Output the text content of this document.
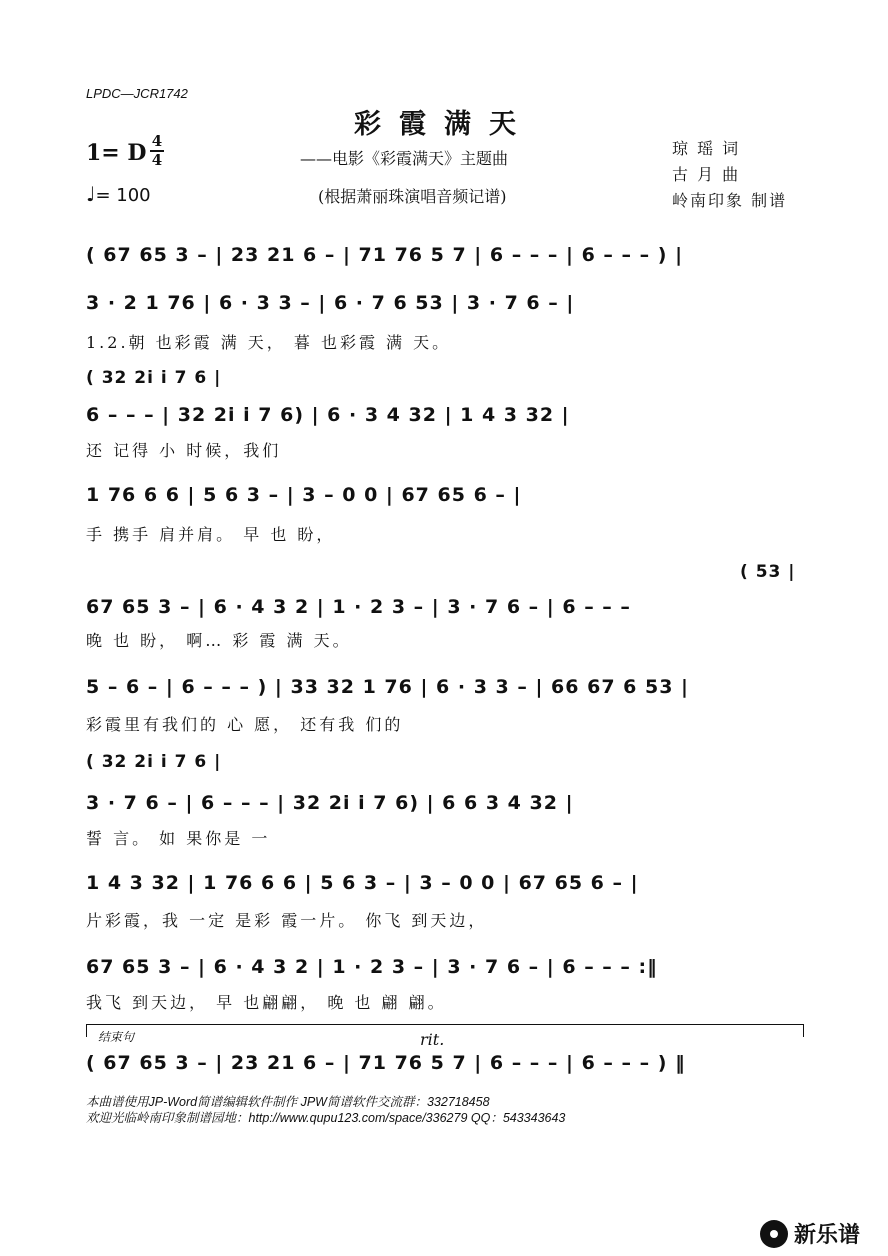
LPDC—JCR1742
彩霞满天
1= D 4
4	——电影《彩霞满天》主题曲
(根据萧丽珠演唱音频记谱)
♩= 100
琼 瑶 词
古 月 曲
岭南印象 制谱
( 67 65 3 – | 23 21 6 – | 71 76 5 7 | 6 – – – | 6 – – – ) |
3 · 2 1 76 | 6 · 3 3 – | 6 · 7 6 53 | 3 · 7 6 – |
1.2.朝 也彩霞 满 天， 暮 也彩霞 满 天。
( 32 2i i 7 6 |
6 – – – | 32 2i i 7 6) | 6 · 3 4 32 | 1 4 3 32 |
还 记得 小 时候，我们
1 76 6 6 | 5 6 3 – | 3 – 0 0 | 67 65 6 – |
手 携手 肩并肩。 早 也 盼，
( 53 |
67 65 3 – | 6 · 4 3 2 | 1 · 2 3 – | 3 · 7 6 – | 6 – – –
晚 也 盼， 啊… 彩 霞 满 天。
5 – 6 – | 6 – – – ) | 33 32 1 76 | 6 · 3 3 – | 66 67 6 53 |
彩霞里有我们的 心 愿， 还有我 们的
( 32 2i i 7 6 |
3 · 7 6 – | 6 – – – | 32 2i i 7 6) | 6 6 3 4 32 |
誓 言。 如 果你是 一
1 4 3 32 | 1 76 6 6 | 5 6 3 – | 3 – 0 0 | 67 65 6 – |
片彩霞，我 一定 是彩 霞一片。 你飞 到天边，
67 65 3 – | 6 · 4 3 2 | 1 · 2 3 – | 3 · 7 6 – | 6 – – – :‖
我飞 到天边， 早 也翩翩， 晚 也 翩 翩。
结束句	rit.
( 67 65 3 – | 23 21 6 – | 71 76 5 7 | 6 – – – | 6 – – – ) ‖
本曲谱使用JP-Word简谱编辑软件制作 JPW简谱软件交流群：332718458
欢迎光临岭南印象制谱园地：http://www.qupu123.com/space/336279 QQ：543343643
新乐谱
